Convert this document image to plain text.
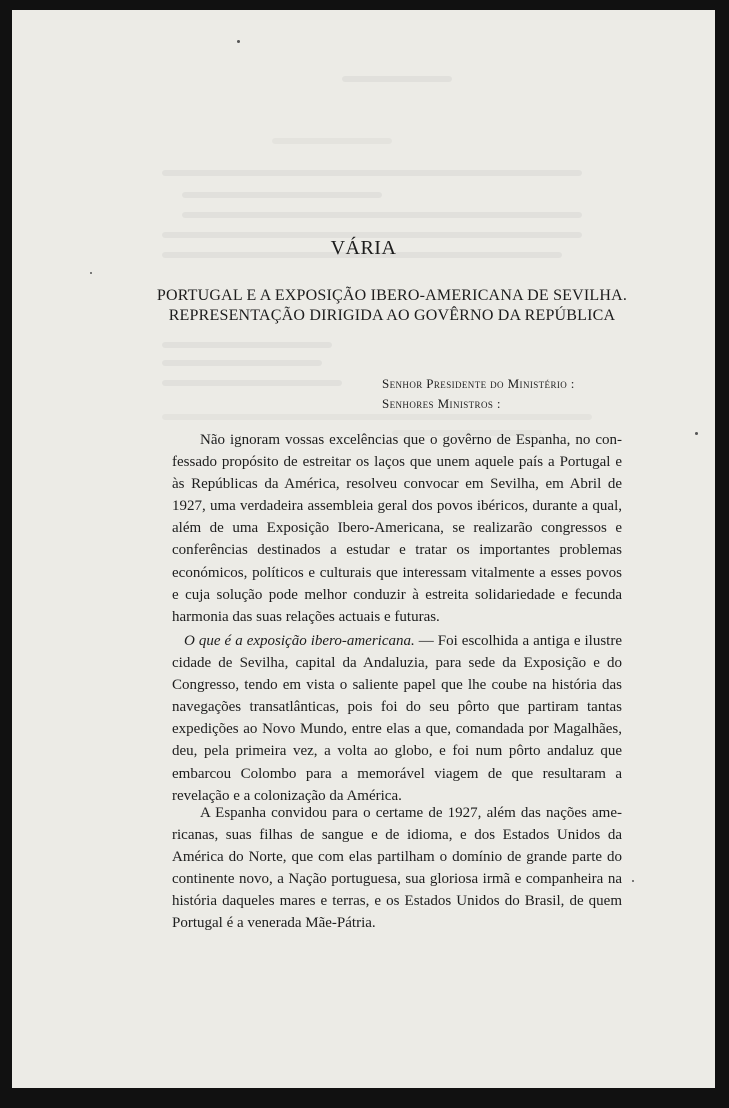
VÁRIA
PORTUGAL E A EXPOSIÇÃO IBERO-AMERICANA DE SEVILHA.
REPRESENTAÇÃO DIRIGIDA AO GOVÊRNO DA REPÚBLICA
Senhor Presidente do Ministério :
Senhores Ministros :

Não ignoram vossas excelências que o govêrno de Espanha, no confessado propósito de estreitar os laços que unem aquele país a Portugal e às Repúblicas da América, resolveu convocar em Sevilha, em Abril de 1927, uma verdadeira assembleia geral dos povos ibéricos, durante a qual, além de uma Exposição Ibero-Americana, se realizarão congressos e conferências destinados a estudar e tratar os importantes problemas económicos, políticos e culturais que interessam vitalmente a esses povos e cuja solução pode melhor conduzir à estreita solidariedade e fecunda harmonia das suas relações actuais e futuras.

O que é a exposição ibero-americana. — Foi escolhida a antiga e ilustre cidade de Sevilha, capital da Andaluzia, para sede da Exposição e do Congresso, tendo em vista o saliente papel que lhe coube na história das navegações transatlânticas, pois foi do seu pôrto que partiram tantas expedições ao Novo Mundo, entre elas a que, comandada por Magalhães, deu, pela primeira vez, a volta ao globo, e foi num pôrto andaluz que embarcou Colombo para a memorável viagem de que resultaram a revelação e a colonização da América.

A Espanha convidou para o certame de 1927, além das nações americanas, suas filhas de sangue e de idioma, e dos Estados Unidos da América do Norte, que com elas partilham o domínio de grande parte do continente novo, a Nação portuguesa, sua gloriosa irmã e companheira na história daqueles mares e terras, e os Estados Unidos do Brasil, de quem Portugal é a venerada Mãe-Pátria.
